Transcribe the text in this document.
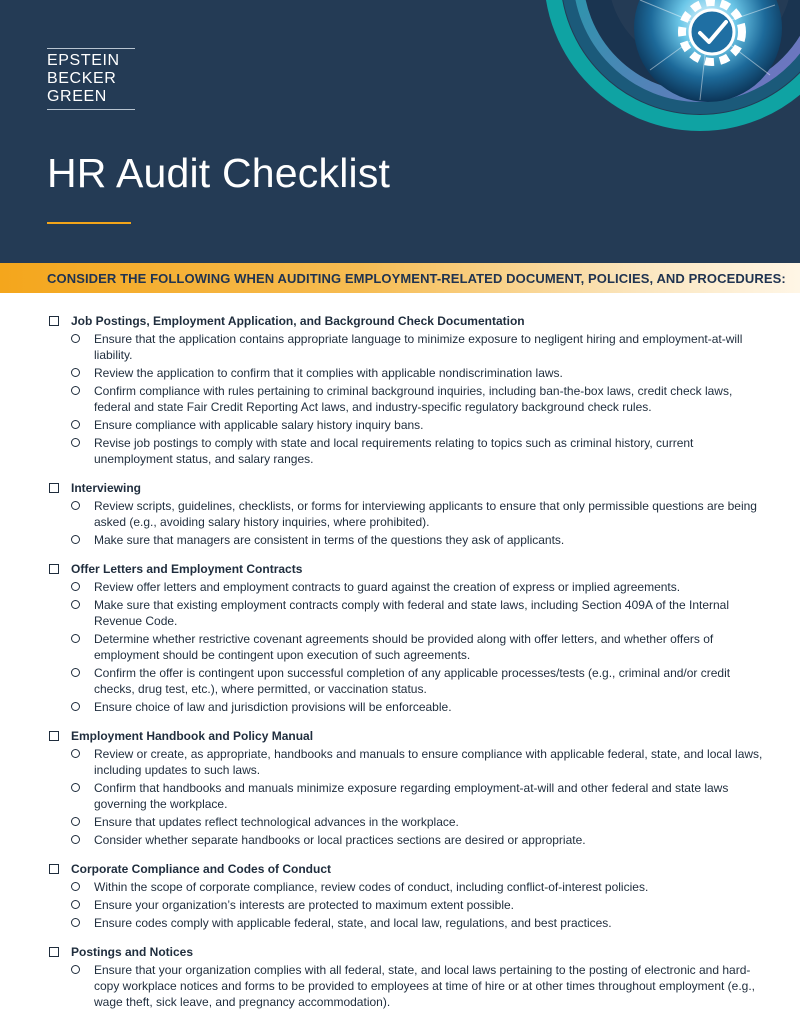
EPSTEIN
BECKER
GREEN
HR Audit Checklist
CONSIDER THE FOLLOWING WHEN AUDITING EMPLOYMENT-RELATED DOCUMENT, POLICIES, AND PROCEDURES:
Job Postings, Employment Application, and Background Check Documentation
Ensure that the application contains appropriate language to minimize exposure to negligent hiring and employment-at-will liability.
Review the application to confirm that it complies with applicable nondiscrimination laws.
Confirm compliance with rules pertaining to criminal background inquiries, including ban-the-box laws, credit check laws, federal and state Fair Credit Reporting Act laws, and industry-specific regulatory background check rules.
Ensure compliance with applicable salary history inquiry bans.
Revise job postings to comply with state and local requirements relating to topics such as criminal history, current unemployment status, and salary ranges.
Interviewing
Review scripts, guidelines, checklists, or forms for interviewing applicants to ensure that only permissible questions are being asked (e.g., avoiding salary history inquiries, where prohibited).
Make sure that managers are consistent in terms of the questions they ask of applicants.
Offer Letters and Employment Contracts
Review offer letters and employment contracts to guard against the creation of express or implied agreements.
Make sure that existing employment contracts comply with federal and state laws, including Section 409A of the Internal Revenue Code.
Determine whether restrictive covenant agreements should be provided along with offer letters, and whether offers of employment should be contingent upon execution of such agreements.
Confirm the offer is contingent upon successful completion of any applicable processes/tests (e.g., criminal and/or credit checks, drug test, etc.), where permitted, or vaccination status.
Ensure choice of law and jurisdiction provisions will be enforceable.
Employment Handbook and Policy Manual
Review or create, as appropriate, handbooks and manuals to ensure compliance with applicable federal, state, and local laws, including updates to such laws.
Confirm that handbooks and manuals minimize exposure regarding employment-at-will and other federal and state laws governing the workplace.
Ensure that updates reflect technological advances in the workplace.
Consider whether separate handbooks or local practices sections are desired or appropriate.
Corporate Compliance and Codes of Conduct
Within the scope of corporate compliance, review codes of conduct, including conflict-of-interest policies.
Ensure your organization’s interests are protected to maximum extent possible.
Ensure codes comply with applicable federal, state, and local law, regulations, and best practices.
Postings and Notices
Ensure that your organization complies with all federal, state, and local laws pertaining to the posting of electronic and hard-copy workplace notices and forms to be provided to employees at time of hire or at other times throughout employment (e.g., wage theft, sick leave, and pregnancy accommodation).
